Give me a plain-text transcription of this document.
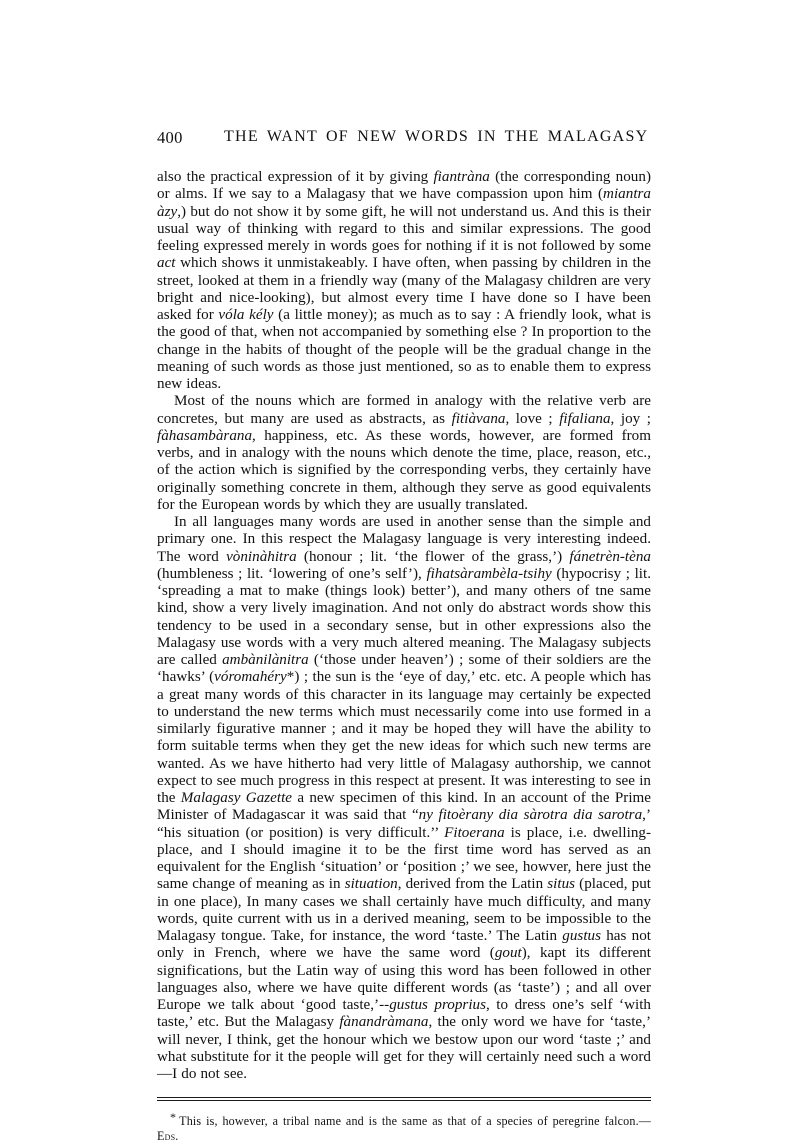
400	THE WANT OF NEW WORDS IN THE MALAGASY

also the practical expression of it by giving fiantràna (the corresponding noun) or alms. If we say to a Malagasy that we have compassion upon him (miantra àzy,) but do not show it by some gift, he will not understand us. And this is their usual way of thinking with regard to this and similar expressions. The good feeling expressed merely in words goes for nothing if it is not followed by some act which shows it unmistakeably. I have often, when passing by children in the street, looked at them in a friendly way (many of the Malagasy children are very bright and nice-looking), but almost every time I have done so I have been asked for vóla kély (a little money); as much as to say : A friendly look, what is the good of that, when not accompanied by something else ? In proportion to the change in the habits of thought of the people will be the gradual change in the meaning of such words as those just mentioned, so as to enable them to express new ideas.

Most of the nouns which are formed in analogy with the relative verb are concretes, but many are used as abstracts, as fitiàvana, love ; fifaliana, joy ; fàhasambàrana, happiness, etc. As these words, however, are formed from verbs, and in analogy with the nouns which denote the time, place, reason, etc., of the action which is signified by the corresponding verbs, they certainly have originally something concrete in them, although they serve as good equivalents for the European words by which they are usually translated.

In all languages many words are used in another sense than the simple and primary one. In this respect the Malagasy language is very interesting indeed. The word vòninàhitra (honour ; lit. ‘the flower of the grass,’) fánetrèn-tèna (humbleness ; lit. ‘lowering of one’s self’), fihatsàrambèla-tsihy (hypocrisy ; lit. ‘spreading a mat to make (things look) better’), and many others of tne same kind, show a very lively imagination. And not only do abstract words show this tendency to be used in a secondary sense, but in other expressions also the Malagasy use words with a very much altered meaning. The Malagasy subjects are called ambànilànitra (‘those under heaven’) ; some of their soldiers are the ‘hawks’ (vóromahéry*) ; the sun is the ‘eye of day,’ etc. etc. A people which has a great many words of this character in its language may certainly be expected to understand the new terms which must necessarily come into use formed in a similarly figurative manner ; and it may be hoped they will have the ability to form suitable terms when they get the new ideas for which such new terms are wanted. As we have hitherto had very little of Malagasy authorship, we cannot expect to see much progress in this respect at present. It was interesting to see in the Malagasy Gazette a new specimen of this kind. In an account of the Prime Minister of Madagascar it was said that “ny fitoèrany dia sàrotra dia sarotra,’ “his situation (or position) is very difficult.’’ Fitoerana is place, i.e. dwelling-place, and I should imagine it to be the first time word has served as an equivalent for the English ‘situation’ or ‘position ;’ we see, howver, here just the same change of meaning as in situation, derived from the Latin situs (placed, put in one place), In many cases we shall certainly have much difficulty, and many words, quite current with us in a derived meaning, seem to be impossible to the Malagasy tongue. Take, for instance, the word ‘taste.’ The Latin gustus has not only in French, where we have the same word (gout), kapt its different significations, but the Latin way of using this word has been followed in other languages also, where we have quite different words (as ‘taste’) ; and all over Europe we talk about ‘good taste,’--gustus proprius, to dress one’s self ‘with taste,’ etc. But the Malagasy fànandràmana, the only word we have for ‘taste,’ will never, I think, get the honour which we bestow upon our word ‘taste ;’ and what substitute for it the people will get for they will certainly need such a word—I do not see.

* This is, however, a tribal name and is the same as that of a species of peregrine falcon.—Eds.
